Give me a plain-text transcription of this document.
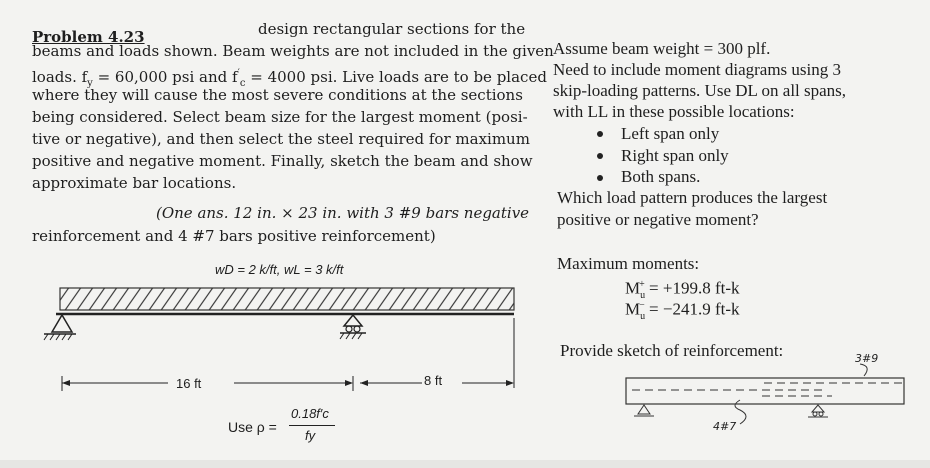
Problem 4.23	design rectangular sections for the
beams and loads shown. Beam weights are not included in the given
loads. $f_y = 60,000$ psi and $f'_c = 4000$ psi. Live loads are to be placed
where they will cause the most severe conditions at the sections
being considered. Select beam size for the largest moment (posi-
tive or negative), and then select the steel required for maximum
positive and negative moment. Finally, sketch the beam and show
approximate bar locations.
(One ans. 12 in. × 23 in. with 3 #9 bars negative
reinforcement and 4 #7 bars positive reinforcement)
wD = 2 k/ft, wL = 3 k/ft
16 ft	8 ft
Use ρ =
0.18f′c
fy
Assume beam weight = 300 plf.
Need to include moment diagrams using 3
skip-loading patterns. Use DL on all spans,
with LL in these possible locations:
Left span only
Right span only
Both spans.
Which load pattern produces the largest
positive or negative moment?
Maximum moments:
$M_u^+ = +199.8$ ft-k
$M_u^- = -241.9$ ft-k
Provide sketch of reinforcement:	3#9
4#7
